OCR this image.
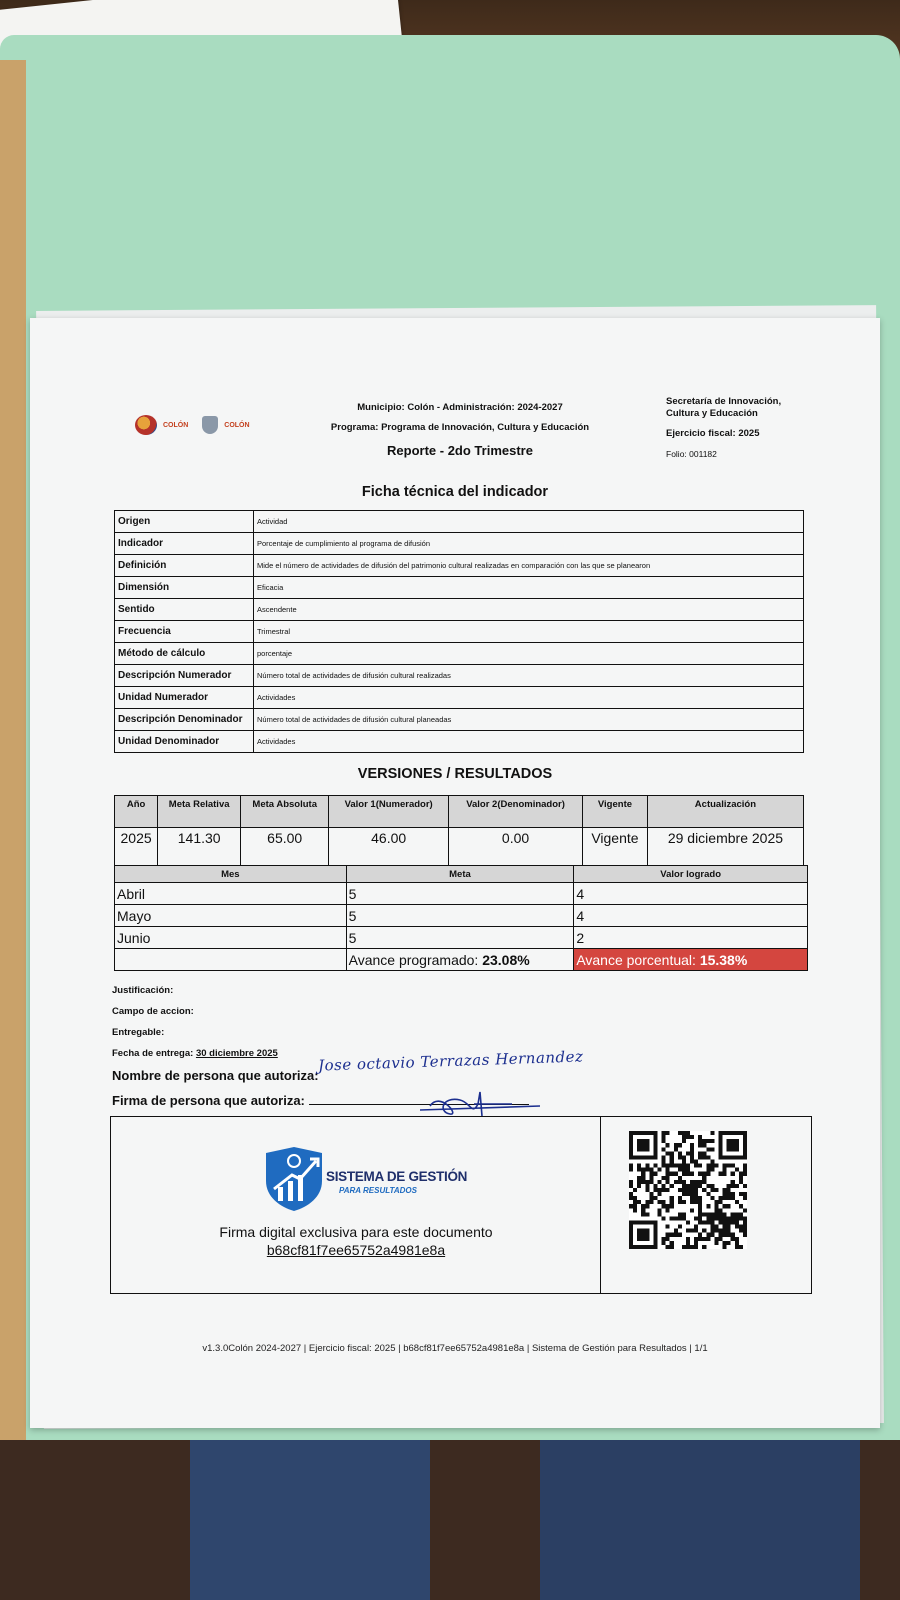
COLÓN	COLÓN
Municipio: Colón - Administración: 2024-2027
Programa: Programa de Innovación, Cultura y Educación
Reporte - 2do Trimestre
Secretaría de Innovación,
Cultura y Educación
Ejercicio fiscal: 2025
Folio: 001182
Ficha técnica del indicador
Origen	Actividad
Indicador	Porcentaje de cumplimiento al programa de difusión
Definición	Mide el número de actividades de difusión del patrimonio cultural realizadas en comparación con las que se planearon
Dimensión	Eficacia
Sentido	Ascendente
Frecuencia	Trimestral
Método de cálculo	porcentaje
Descripción Numerador	Número total de actividades de difusión cultural realizadas
Unidad Numerador	Actividades
Descripción Denominador	Número total de actividades de difusión cultural planeadas
Unidad Denominador	Actividades
VERSIONES / RESULTADOS
Año	Meta Relativa	Meta Absoluta	Valor 1(Numerador)	Valor 2(Denominador)	Vigente	Actualización
2025	141.30	65.00	46.00	0.00	Vigente	29 diciembre 2025
Mes	Meta	Valor logrado
Abril	5	4
Mayo	5	4
Junio	5	2
	Avance programado: 23.08%	Avance porcentual: 15.38%
Justificación:
Campo de accion:
Entregable:
Fecha de entrega: 30 diciembre 2025
Nombre de persona que autoriza:
Firma de persona que autoriza:
Jose octavio Terrazas Hernandez
SISTEMA DE GESTIÓN
PARA RESULTADOS
Firma digital exclusiva para este documento
b68cf81f7ee65752a4981e8a
v1.3.0Colón 2024-2027 | Ejercicio fiscal: 2025 | b68cf81f7ee65752a4981e8a | Sistema de Gestión para Resultados | 1/1
